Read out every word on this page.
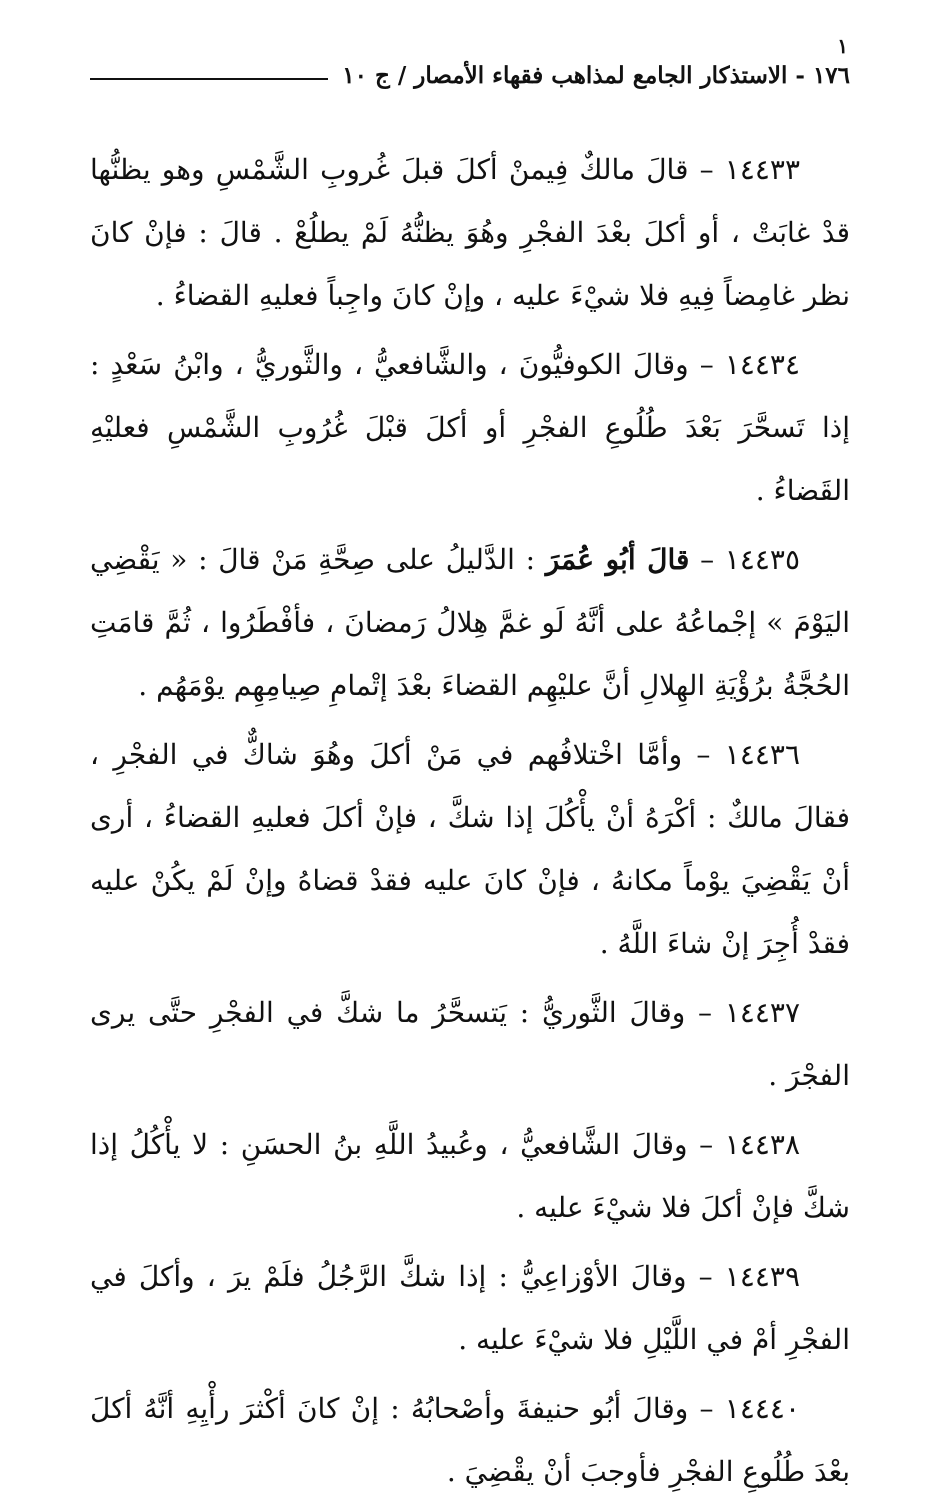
١
١٧٦ - الاستذكار الجامع لمذاهب فقهاء الأمصار / ج ١٠

١٤٤٣٣ – قالَ مالكٌ فِيمنْ أكلَ قبلَ غُروبِ الشَّمْسِ وهو يظنُّها قدْ غابَتْ ، أو أكلَ بعْدَ الفجْرِ وهُوَ يظنُّهُ لَمْ يطلُعْ . قالَ : فإنْ كانَ نظر غامِضاً فِيهِ فلا شيْءَ عليه ، وإنْ كانَ واجِباً فعليهِ القضاءُ .

١٤٤٣٤ – وقالَ الكوفيُّونَ ، والشَّافعيُّ ، والثَّوريُّ ، وابْنُ سَعْدٍ : إذا تَسحَّرَ بَعْدَ طُلُوعِ الفجْرِ أو أكلَ قبْلَ غُرُوبِ الشَّمْسِ فعليْهِ القَضاءُ .

١٤٤٣٥ – قالَ أبُو عُمَرَ : الدَّليلُ على صِحَّةِ مَنْ قالَ : « يَقْضِي اليَوْمَ » إجْماعُهُ على أنَّهُ لَو غمَّ هِلالُ رَمضانَ ، فأفْطَرُوا ، ثُمَّ قامَتِ الحُجَّةُ برُؤْيَةِ الهِلالِ أنَّ عليْهِم القضاءَ بعْدَ إتْمامِ صِيامِهِم يوْمَهُم .

١٤٤٣٦ – وأمَّا اخْتلافُهم في مَنْ أكلَ وهُوَ شاكٌّ في الفجْرِ ، فقالَ مالكٌ : أكْرَهُ أنْ يأْكُلَ إذا شكَّ ، فإنْ أكلَ فعليهِ القضاءُ ، أرى أنْ يَقْضِيَ يوْماً مكانهُ ، فإنْ كانَ عليه فقدْ قضاهُ وإنْ لَمْ يكُنْ عليه فقدْ أُجِرَ إنْ شاءَ اللَّهُ .

١٤٤٣٧ – وقالَ الثَّوريُّ : يَتسحَّرُ ما شكَّ في الفجْرِ حتَّى يرى الفجْرَ .

١٤٤٣٨ – وقالَ الشَّافعيُّ ، وعُبيدُ اللَّهِ بنُ الحسَنِ : لا يأْكُلُ إذا شكَّ فإنْ أكلَ فلا شيْءَ عليه .

١٤٤٣٩ – وقالَ الأوْزاعِيُّ : إذا شكَّ الرَّجُلُ فلَمْ يرَ ، وأكلَ في الفجْرِ أمْ في اللَّيْلِ فلا شيْءَ عليه .

١٤٤٤٠ – وقالَ أبُو حنيفةَ وأصْحابُهُ : إنْ كانَ أكْثرَ رأْيِهِ أنَّهُ أكلَ بعْدَ طُلُوعِ الفجْرِ فأوجبَ أنْ يقْضِيَ .
